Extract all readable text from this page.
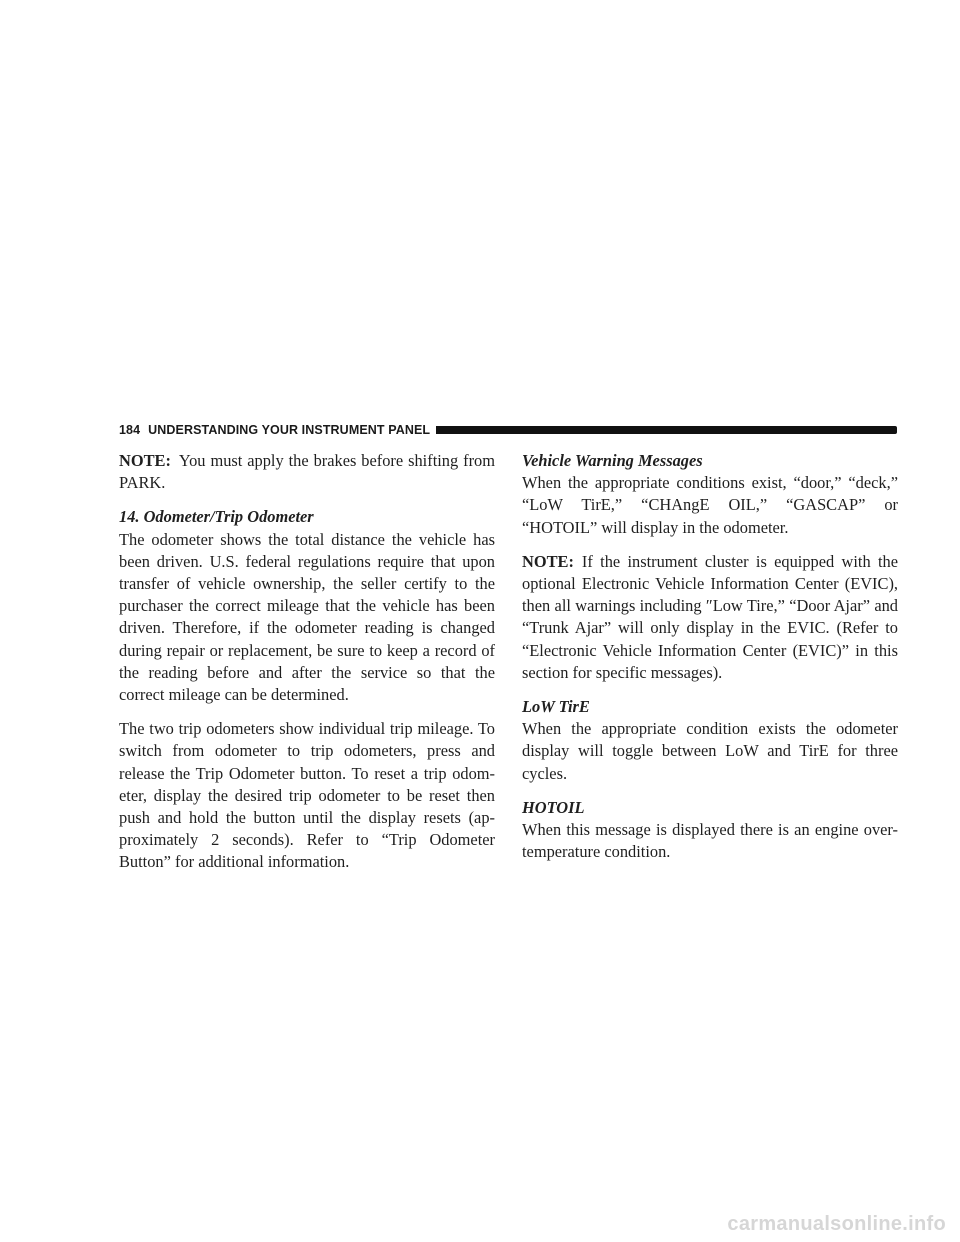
184 UNDERSTANDING YOUR INSTRUMENT PANEL

NOTE: You must apply the brakes before shifting from PARK.

14. Odometer/Trip Odometer

The odometer shows the total distance the vehicle has been driven. U.S. federal regulations require that upon transfer of vehicle ownership, the seller certify to the purchaser the correct mileage that the vehicle has been driven. Therefore, if the odometer reading is changed during repair or replacement, be sure to keep a record of the reading before and after the service so that the correct mileage can be determined.

The two trip odometers show individual trip mileage. To switch from odometer to trip odometers, press and release the Trip Odometer button. To reset a trip odom-eter, display the desired trip odometer to be reset then push and hold the button until the display resets (ap-proximately 2 seconds). Refer to “Trip Odometer Button” for additional information.

Vehicle Warning Messages

When the appropriate conditions exist, “door,” “deck,” “LoW TirE,” “CHAngE OIL,” “GASCAP” or “HOTOIL” will display in the odometer.

NOTE: If the instrument cluster is equipped with the optional Electronic Vehicle Information Center (EVIC), then all warnings including ″Low Tire,” “Door Ajar” and “Trunk Ajar” will only display in the EVIC. (Refer to “Electronic Vehicle Information Center (EVIC)” in this section for specific messages).

LoW TirE

When the appropriate condition exists the odometer display will toggle between LoW and TirE for three cycles.

HOTOIL

When this message is displayed there is an engine over-temperature condition.

carmanualsonline.info
